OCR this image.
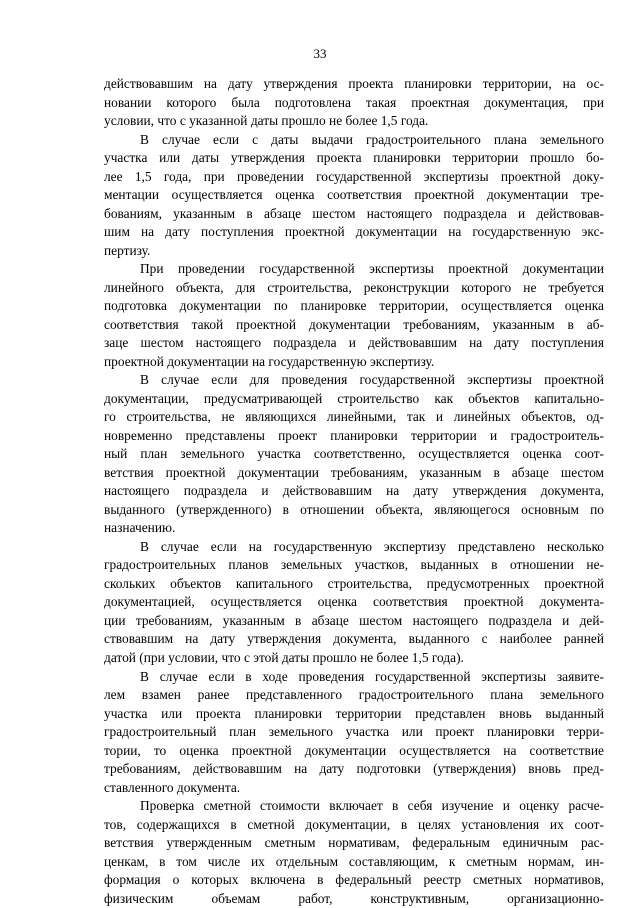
33
действовавшим на дату утверждения проекта планировки территории, на ос-
новании которого была подготовлена такая проектная документация, при
условии, что с указанной даты прошло не более 1,5 года.
В случае если с даты выдачи градостроительного плана земельного
участка или даты утверждения проекта планировки территории прошло бо-
лее 1,5 года, при проведении государственной экспертизы проектной доку-
ментации осуществляется оценка соответствия проектной документации тре-
бованиям, указанным в абзаце шестом настоящего подраздела и действовав-
шим на дату поступления проектной документации на государственную экс-
пертизу.
При проведении государственной экспертизы проектной документации
линейного объекта, для строительства, реконструкции которого не требуется
подготовка документации по планировке территории, осуществляется оценка
соответствия такой проектной документации требованиям, указанным в аб-
заце шестом настоящего подраздела и действовавшим на дату поступления
проектной документации на государственную экспертизу.
В случае если для проведения государственной экспертизы проектной
документации, предусматривающей строительство как объектов капитально-
го строительства, не являющихся линейными, так и линейных объектов, од-
новременно представлены проект планировки территории и градостроитель-
ный план земельного участка соответственно, осуществляется оценка соот-
ветствия проектной документации требованиям, указанным в абзаце шестом
настоящего подраздела и действовавшим на дату утверждения документа,
выданного (утвержденного) в отношении объекта, являющегося основным по
назначению.
В случае если на государственную экспертизу представлено несколько
градостроительных планов земельных участков, выданных в отношении не-
скольких объектов капитального строительства, предусмотренных проектной
документацией, осуществляется оценка соответствия проектной документа-
ции требованиям, указанным в абзаце шестом настоящего подраздела и дей-
ствовавшим на дату утверждения документа, выданного с наиболее ранней
датой (при условии, что с этой даты прошло не более 1,5 года).
В случае если в ходе проведения государственной экспертизы заявите-
лем взамен ранее представленного градостроительного плана земельного
участка или проекта планировки территории представлен вновь выданный
градостроительный план земельного участка или проект планировки терри-
тории, то оценка проектной документации осуществляется на соответствие
требованиям, действовавшим на дату подготовки (утверждения) вновь пред-
ставленного документа.
Проверка сметной стоимости включает в себя изучение и оценку расче-
тов, содержащихся в сметной документации, в целях установления их соот-
ветствия утвержденным сметным нормативам, федеральным единичным рас-
ценкам, в том числе их отдельным составляющим, к сметным нормам, ин-
формация о которых включена в федеральный реестр сметных нормативов,
физическим объемам работ, конструктивным, организационно-
